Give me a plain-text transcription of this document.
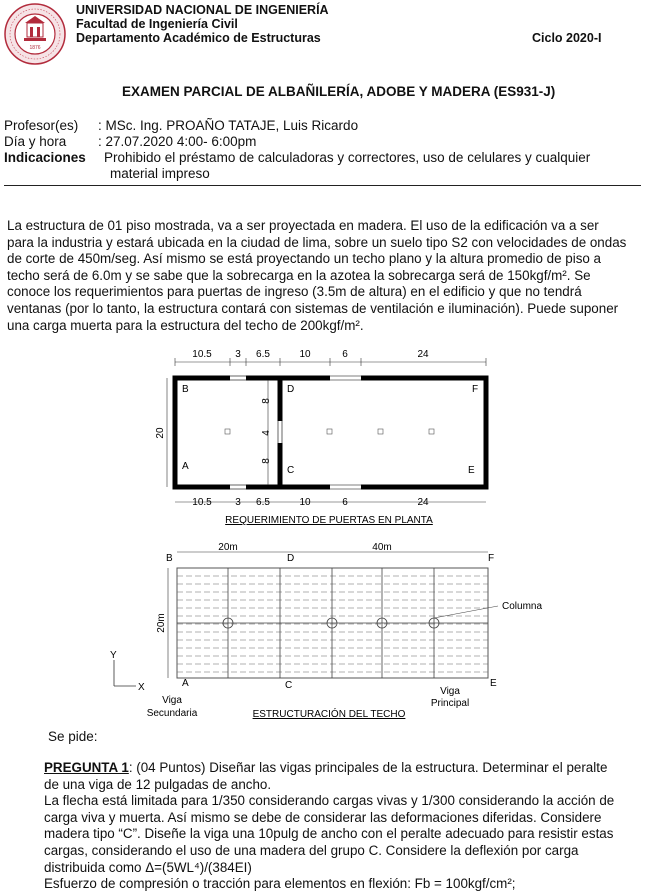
1876
UNIVERSIDAD NACIONAL DE INGENIERÍA
Facultad de Ingeniería Civil
Departamento Académico de Estructuras	Ciclo 2020-I
EXAMEN PARCIAL DE ALBAÑILERÍA, ADOBE Y MADERA (ES931-J)
Profesor(es) : MSc. Ing. PROAÑO TATAJE, Luis Ricardo
Día y hora : 27.07.2020 4:00- 6:00pm
Indicaciones Prohibido el préstamo de calculadoras y correctores, uso de celulares y cualquier
material impreso
La estructura de 01 piso mostrada, va a ser proyectada en madera. El uso de la edificación va a ser
para la industria y estará ubicada en la ciudad de lima, sobre un suelo tipo S2 con velocidades de ondas
de corte de 450m/seg. Así mismo se está proyectando un techo plano y la altura promedio de piso a
techo será de 6.0m y se sabe que la sobrecarga en la azotea la sobrecarga será de 150kgf/m². Se
conoce los requerimientos para puertas de ingreso (3.5m de altura) en el edificio y que no tendrá
ventanas (por lo tanto, la estructura contará con sistemas de ventilación e iluminación). Puede suponer
una carga muerta para la estructura del techo de 200kgf/m².
10.5 3 6.5	10	6	24
8
4
8
20
B	D	F
A	C	E
10.5 3 6.5	10	6	24
REQUERIMIENTO DE PUERTAS EN PLANTA
20m	40m
B	D	F
Columna
20m
Y
X	A	C	E
Viga
Secundaria
Viga
Principal
ESTRUCTURACIÓN DEL TECHO
Se pide:
PREGUNTA 1: (04 Puntos) Diseñar las vigas principales de la estructura. Determinar el peralte
de una viga de 12 pulgadas de ancho.
La flecha está limitada para 1/350 considerando cargas vivas y 1/300 considerando la acción de
carga viva y muerta. Así mismo se debe de considerar las deformaciones diferidas. Considere
madera tipo “C”. Diseñe la viga una 10pulg de ancho con el peralte adecuado para resistir estas
cargas, considerando el uso de una madera del grupo C. Considere la deflexión por carga
distribuida como Δ=(5WL⁴)/(384EI)
Esfuerzo de compresión o tracción para elementos en flexión: Fb = 100kgf/cm²;
